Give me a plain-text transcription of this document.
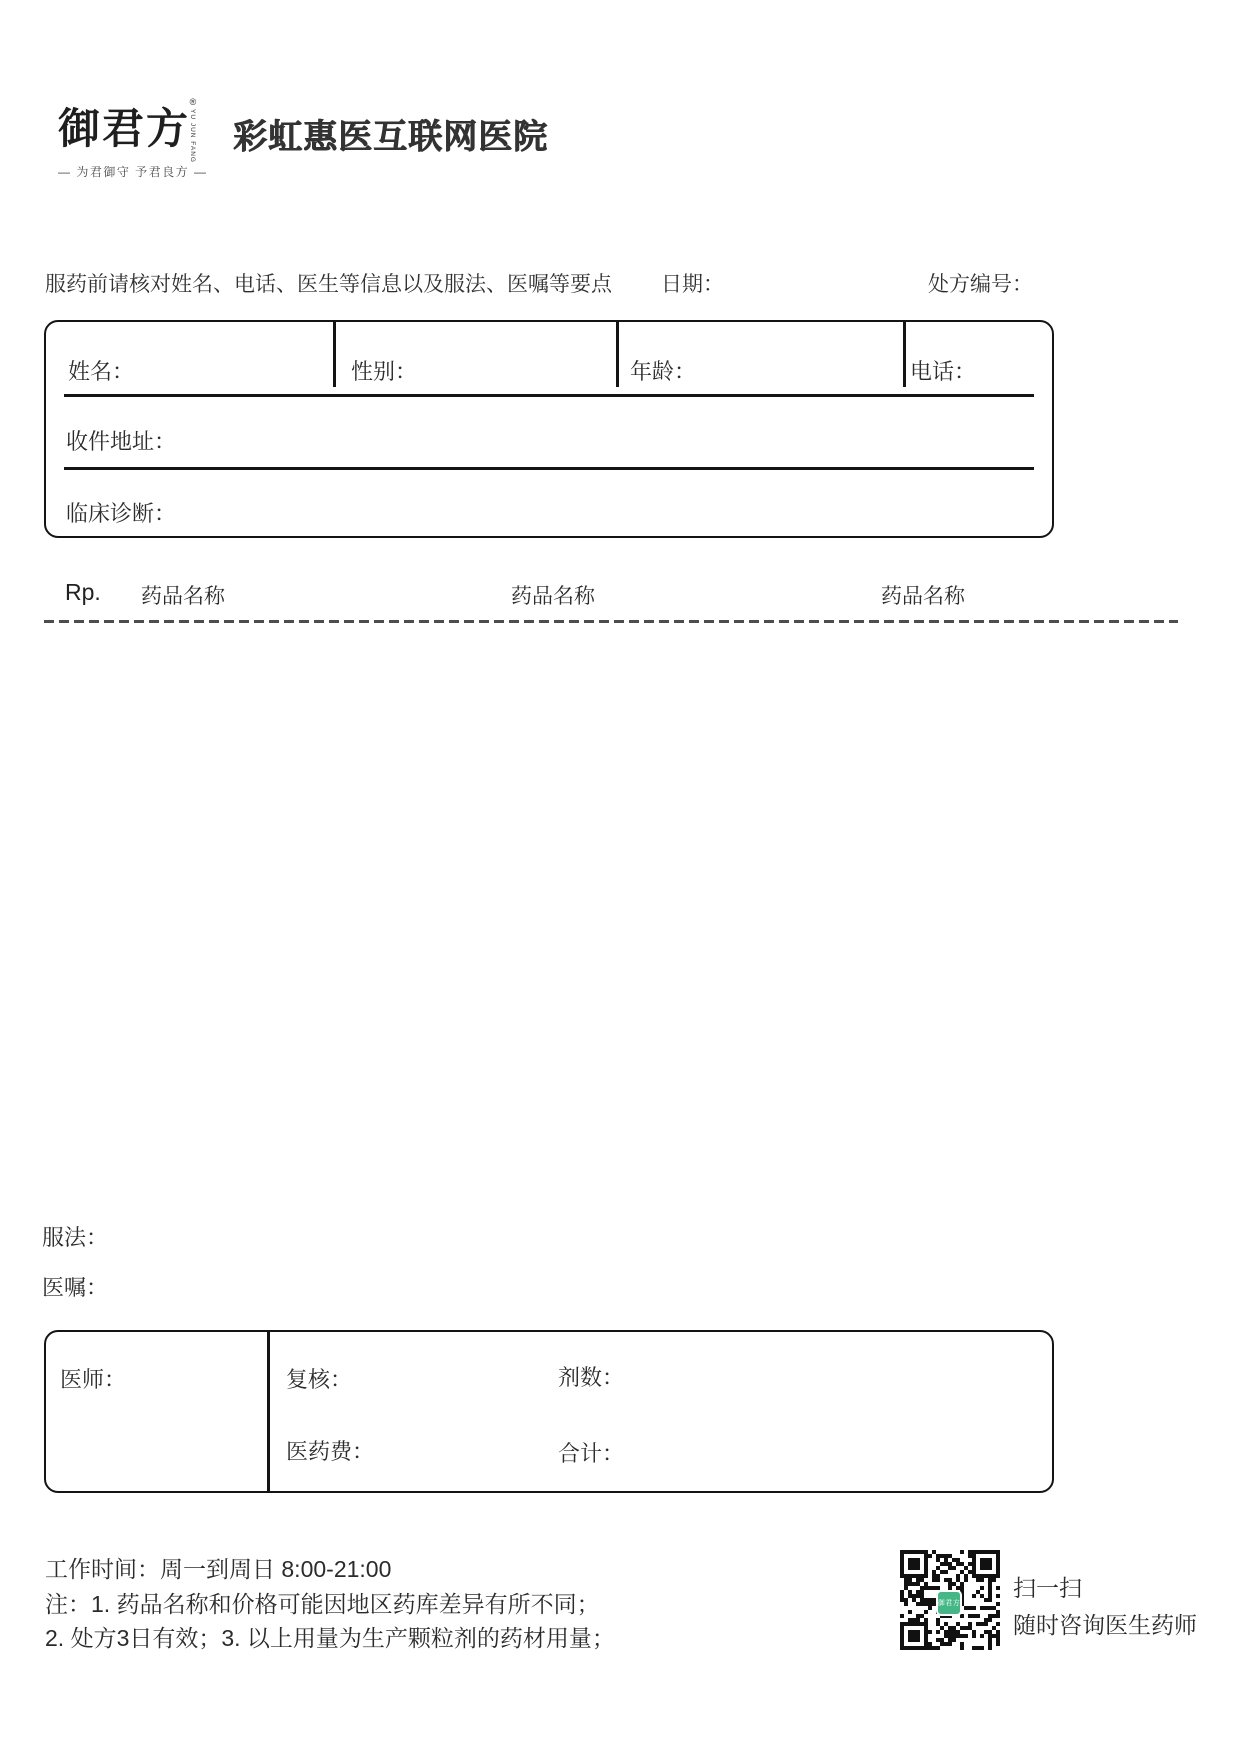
御君方
®
YU JUN FANG
— 为君御守 予君良方 —
彩虹惠医互联网医院
服药前请核对姓名、电话、医生等信息以及服法、医嘱等要点 日期：	处方编号：
姓名：	性别：	年龄：	电话：
收件地址：
临床诊断：
Rp. 药品名称	药品名称	药品名称
服法：
医嘱：
医师：	复核：	剂数：
医药费：	合计：
工作时间：周一到周日 8:00-21:00
注：1. 药品名称和价格可能因地区药库差异有所不同；
2. 处方3日有效；3. 以上用量为生产颗粒剂的药材用量；
御君方
扫一扫
随时咨询医生药师
